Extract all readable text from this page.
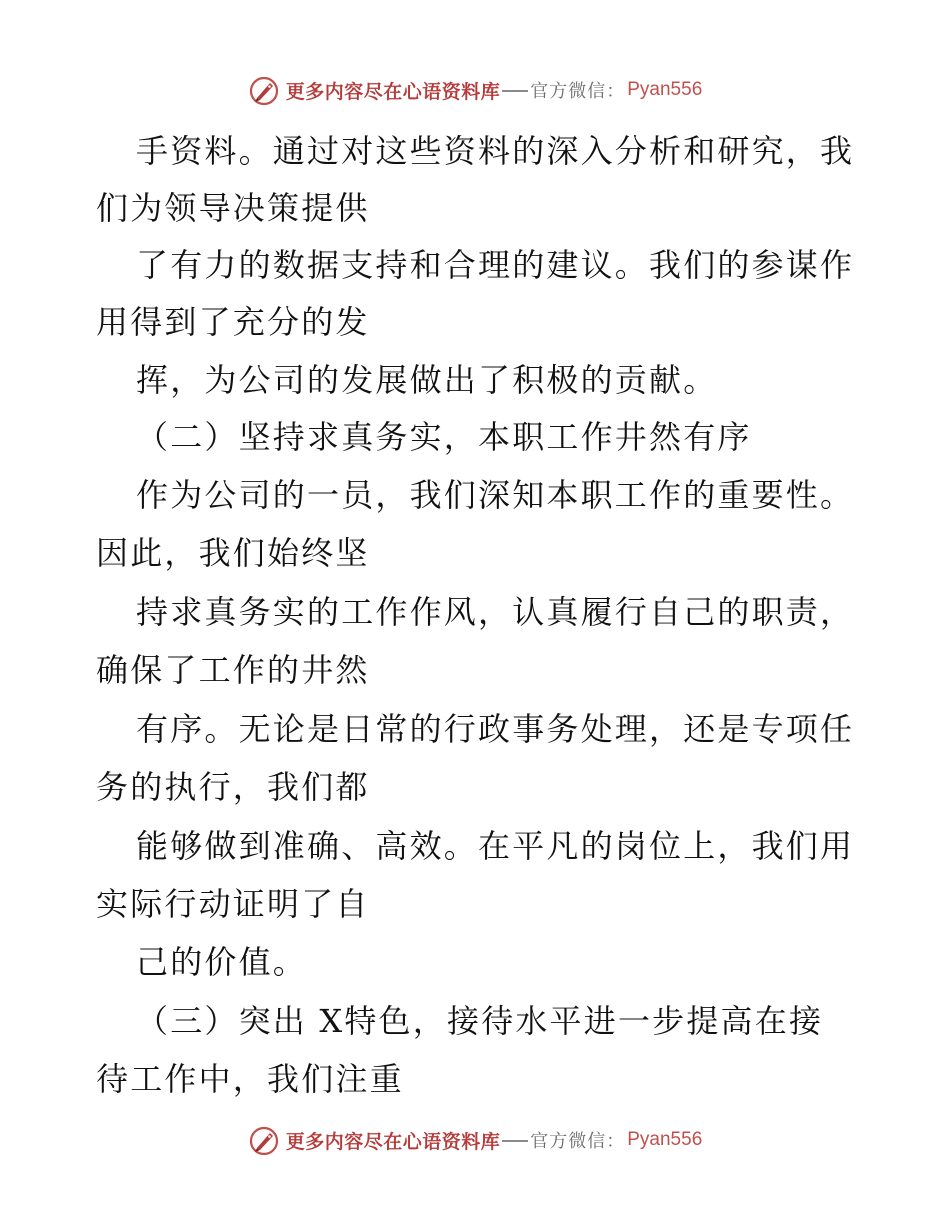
更多内容尽在心语资料库 官方微信： Pyan556
手资料。通过对这些资料的深入分析和研究，我
们为领导决策提供
了有力的数据支持和合理的建议。我们的参谋作
用得到了充分的发
挥，为公司的发展做出了积极的贡献。
（二）坚持求真务实，本职工作井然有序
作为公司的一员，我们深知本职工作的重要性。
因此，我们始终坚
持求真务实的工作作风，认真履行自己的职责，
确保了工作的井然
有序。无论是日常的行政事务处理，还是专项任
务的执行，我们都
能够做到准确、高效。在平凡的岗位上，我们用
实际行动证明了自
己的价值。
（三）突出 X特色，接待水平进一步提高在接
待工作中，我们注重
更多内容尽在心语资料库 官方微信： Pyan556
